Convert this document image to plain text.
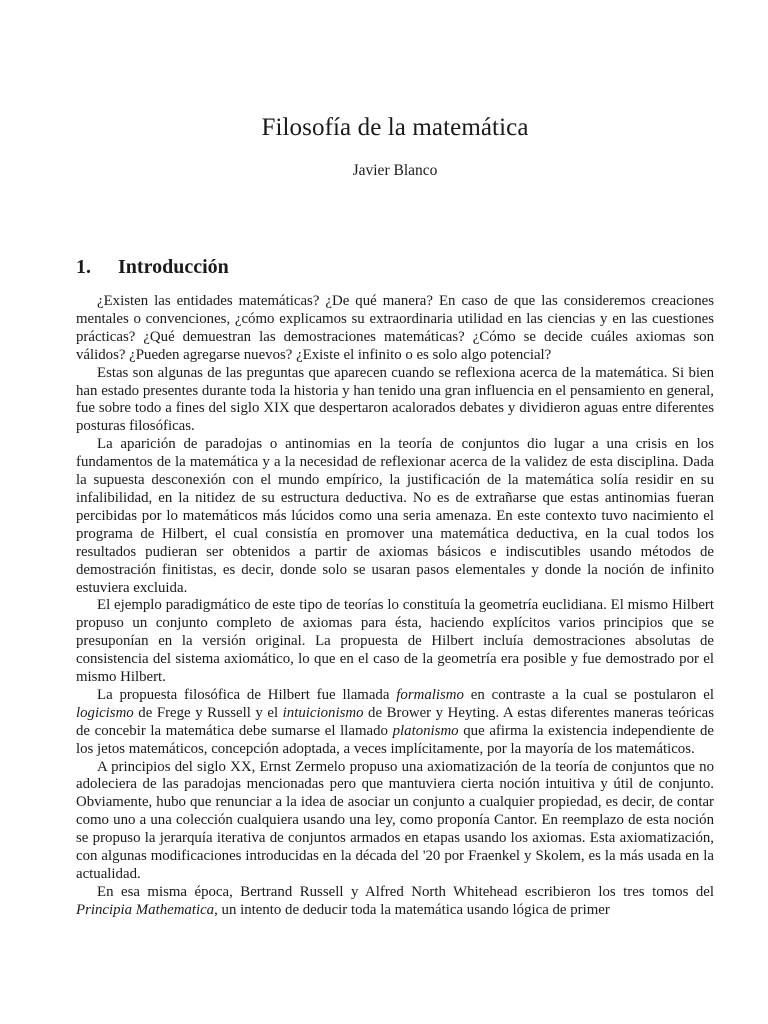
Filosofía de la matemática
Javier Blanco
1.	Introducción

¿Existen las entidades matemáticas? ¿De qué manera? En caso de que las consideremos creaciones mentales o convenciones, ¿cómo explicamos su extraordinaria utilidad en las ciencias y en las cuestiones prácticas? ¿Qué demuestran las demostraciones matemáticas? ¿Cómo se decide cuáles axiomas son válidos? ¿Pueden agregarse nuevos? ¿Existe el infinito o es solo algo potencial?

Estas son algunas de las preguntas que aparecen cuando se reflexiona acerca de la matemática. Si bien han estado presentes durante toda la historia y han tenido una gran influencia en el pensamiento en general, fue sobre todo a fines del siglo XIX que despertaron acalorados debates y dividieron aguas entre diferentes posturas filosóficas.

La aparición de paradojas o antinomias en la teoría de conjuntos dio lugar a una crisis en los fundamentos de la matemática y a la necesidad de reflexionar acerca de la validez de esta disciplina. Dada la supuesta desconexión con el mundo empírico, la justificación de la matemática solía residir en su infalibilidad, en la nitidez de su estructura deductiva. No es de extrañarse que estas antinomias fueran percibidas por lo matemáticos más lúcidos como una seria amenaza. En este contexto tuvo nacimiento el programa de Hilbert, el cual consistía en promover una matemática deductiva, en la cual todos los resultados pudieran ser obtenidos a partir de axiomas básicos e indiscutibles usando métodos de demostración finitistas, es decir, donde solo se usaran pasos elementales y donde la noción de infinito estuviera excluida.

El ejemplo paradigmático de este tipo de teorías lo constituía la geometría euclidiana. El mismo Hilbert propuso un conjunto completo de axiomas para ésta, haciendo explícitos varios principios que se presuponían en la versión original. La propuesta de Hilbert incluía demostraciones absolutas de consistencia del sistema axiomático, lo que en el caso de la geometría era posible y fue demostrado por el mismo Hilbert.

La propuesta filosófica de Hilbert fue llamada formalismo en contraste a la cual se postularon el logicismo de Frege y Russell y el intuicionismo de Brower y Heyting. A estas diferentes maneras teóricas de concebir la matemática debe sumarse el llamado platonismo que afirma la existencia independiente de los jetos matemáticos, concepción adoptada, a veces implícitamente, por la mayoría de los matemáticos.

A principios del siglo XX, Ernst Zermelo propuso una axiomatización de la teoría de conjuntos que no adoleciera de las paradojas mencionadas pero que mantuviera cierta noción intuitiva y útil de conjunto. Obviamente, hubo que renunciar a la idea de asociar un conjunto a cualquier propiedad, es decir, de contar como uno a una colección cualquiera usando una ley, como proponía Cantor. En reemplazo de esta noción se propuso la jerarquía iterativa de conjuntos armados en etapas usando los axiomas. Esta axiomatización, con algunas modificaciones introducidas en la década del '20 por Fraenkel y Skolem, es la más usada en la actualidad.

En esa misma época, Bertrand Russell y Alfred North Whitehead escribieron los tres tomos del Principia Mathematica, un intento de deducir toda la matemática usando lógica de primer
